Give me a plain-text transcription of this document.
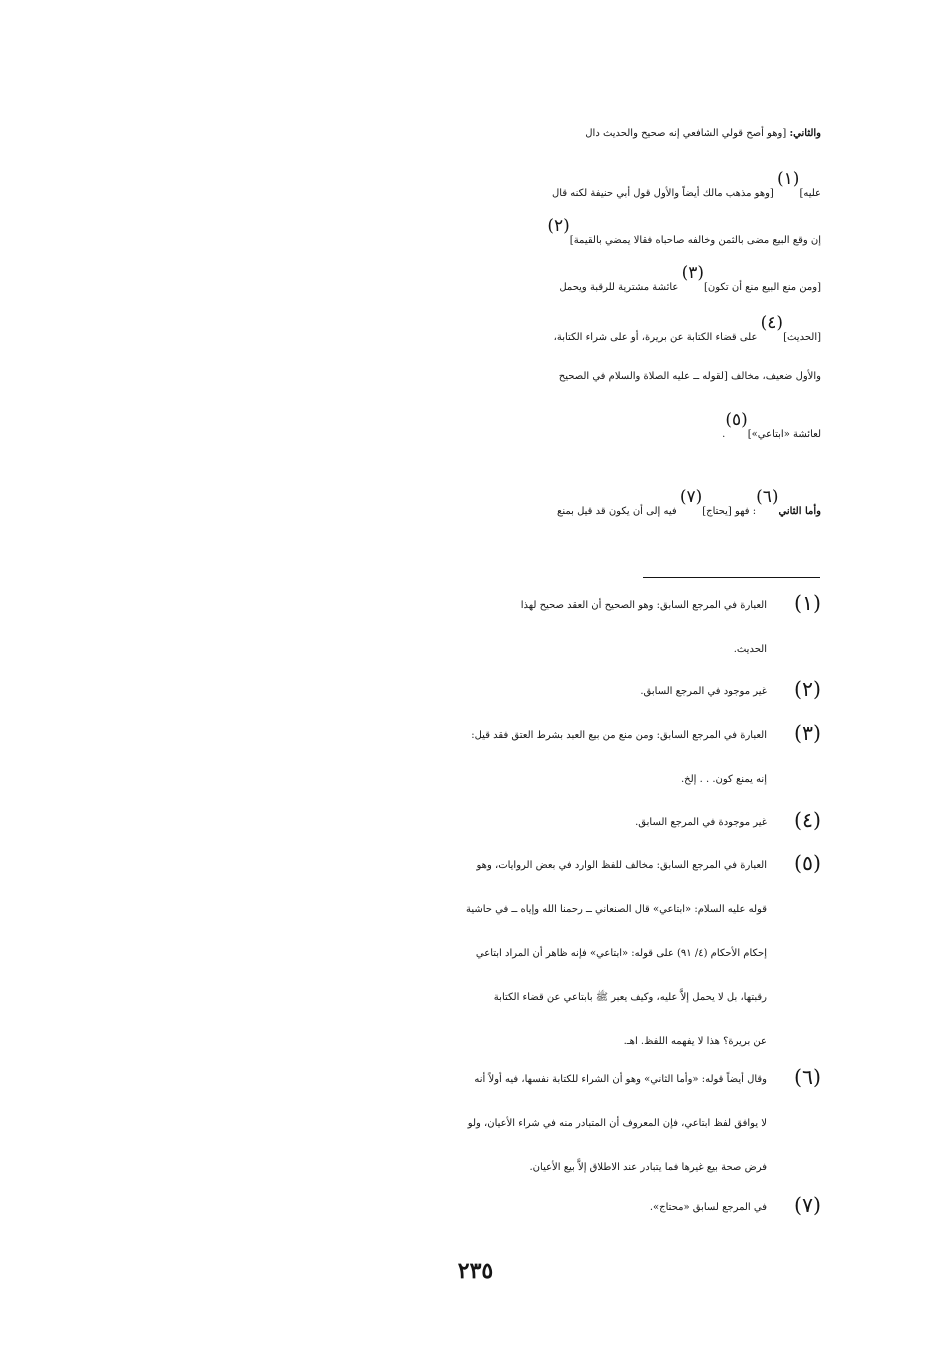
والثاني: [وهو أصح قولي الشافعي إنه صحيح والحديث دال
عليه]$^{(١)}$ [وهو مذهب مالك أيضاً والأول قول أبي حنيفة لكنه قال
إن وقع البيع مضى بالثمن وخالفه صاحباه فقالا يمضي بالقيمة]$^{(٢)}$
[ومن منع البيع منع أن تكون]$^{(٣)}$ عائشة مشترية للرقبة ويحمل
[الحديث]$^{(٤)}$ على قضاء الكتابة عن بريرة، أو على شراء الكتابة،
والأول ضعيف، مخالف [لقوله ــ عليه الصلاة والسلام في الصحيح
لعائشة «ابتاعي»]$^{(٥)}$.
وأما الثاني$^{(٦)}$: فهو [يحتاج]$^{(٧)}$ فيه إلى أن يكون قد قيل بمنع
(١)
العبارة في المرجع السابق: وهو الصحيح أن العقد صحيح لهذا
الحديث.
(٢)
غير موجود في المرجع السابق.
(٣)
العبارة في المرجع السابق: ومن منع من بيع العبد بشرط العتق فقد قيل:
إنه يمنع كون. . . إلخ.
(٤)
غير موجودة في المرجع السابق.
(٥)
العبارة في المرجع السابق: مخالف للفظ الوارد في بعض الروايات، وهو
قوله عليه السلام: «ابتاعي» قال الصنعاني ــ رحمنا الله وإياه ــ في حاشية
إحكام الأحكام (٤/ ٩١) على قوله: «ابتاعي» فإنه ظاهر أن المراد ابتاعي
رقبتها، بل لا يحمل إلاَّ عليه، وكيف يعبر ﷺ بابتاعي عن قضاء الكتابة
عن بريرة؟ هذا لا يفهمه اللفظ. اهـ.
(٦)
وقال أيضاً قوله: «وأما الثاني» وهو أن الشراء للكتابة نفسها، فيه أولاً أنه
لا يوافق لفظ ابتاعي، فإن المعروف أن المتبادر منه في شراء الأعيان، ولو
فرض صحة بيع غيرها فما يتبادر عند الاطلاق إلاَّ بيع الأعيان.
(٧)
في المرجع لسابق «محتاج».
٢٣٥
